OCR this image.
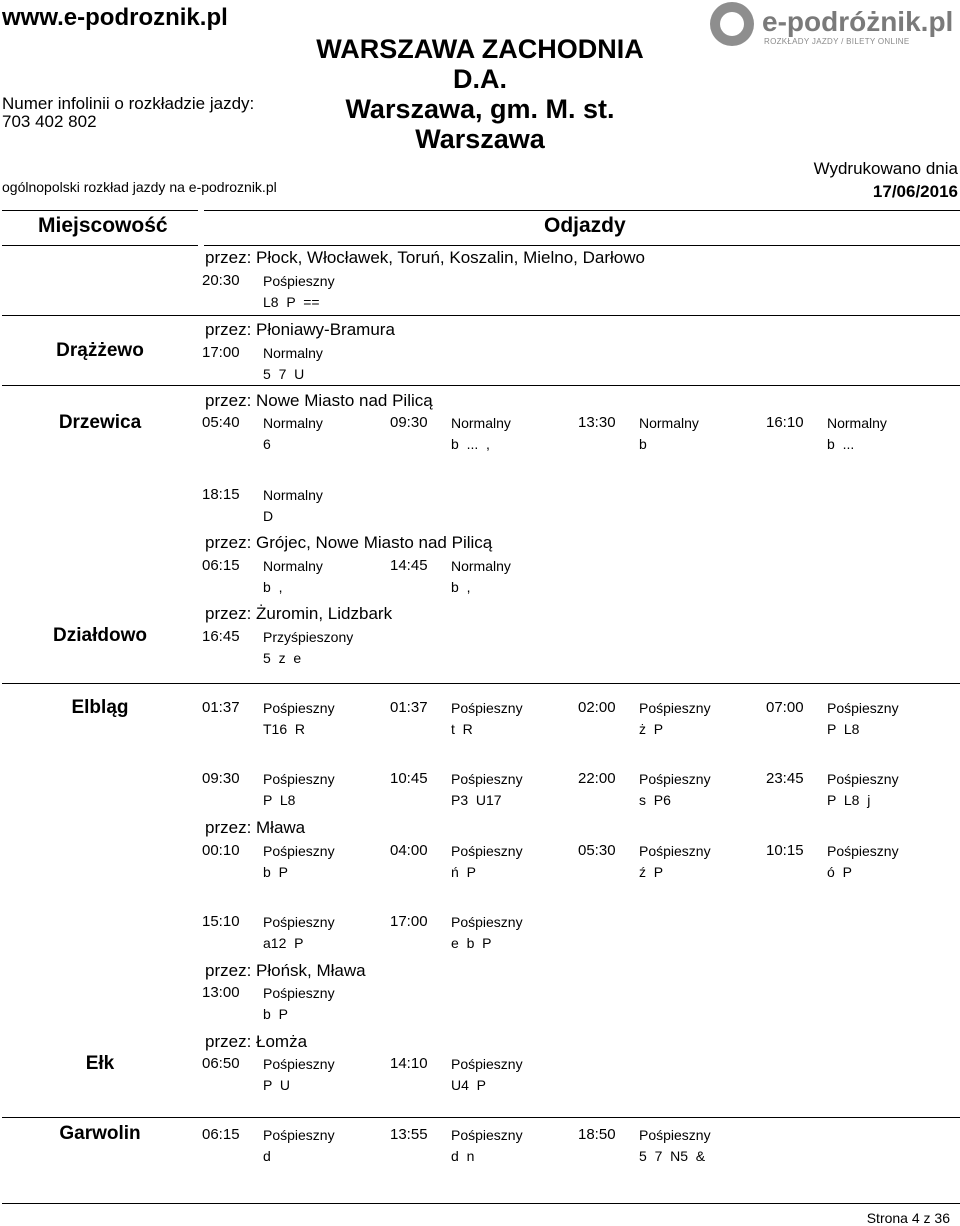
www.e-podroznik.pl
Numer infolinii o rozkładzie jazdy:
703 402 802
WARSZAWA ZACHODNIA
D.A.
Warszawa, gm. M. st.
Warszawa
ogólnopolski rozkład jazdy na e-podroznik.pl
Wydrukowano dnia
17/06/2016
e-podróżnik.pl
ROZKŁADY JAZDY / BILETY ONLINE
Miejscowość	Odjazdy
Drążżewo
Drzewica
Działdowo
Elbląg
Ełk
Garwolin
przez: Płock, Włocławek, Toruń, Koszalin, Mielno, Darłowo
przez: Płoniawy-Bramura
przez: Nowe Miasto nad Pilicą
przez: Grójec, Nowe Miasto nad Pilicą
przez: Żuromin, Lidzbark
przez: Mława
przez: Płońsk, Mława
przez: Łomża
20:30 Pośpieszny
L8  P  ==
17:00 Normalny
5  7  U
05:40 Normalny
6
09:30 Normalny
b  ...  ,
13:30 Normalny
b
16:10 Normalny
b  ...
18:15 Normalny
D
06:15 Normalny
b  ,
14:45 Normalny
b  ,
16:45 Przyśpieszony
5  z  e
01:37 Pośpieszny
T16  R
01:37 Pośpieszny
t  R
02:00 Pośpieszny
ż  P
07:00 Pośpieszny
P  L8
09:30 Pośpieszny
P  L8
10:45 Pośpieszny
P3  U17
22:00 Pośpieszny
s  P6
23:45 Pośpieszny
P  L8  j
00:10 Pośpieszny
b  P
04:00 Pośpieszny
ń  P
05:30 Pośpieszny
ź  P
10:15 Pośpieszny
ó  P
15:10 Pośpieszny
a12  P
17:00 Pośpieszny
e  b  P
13:00 Pośpieszny
b  P
06:50 Pośpieszny
P  U
14:10 Pośpieszny
U4  P
06:15 Pośpieszny
d
13:55 Pośpieszny
d  n
18:50 Pośpieszny
5  7  N5  &
Strona 4 z 36
